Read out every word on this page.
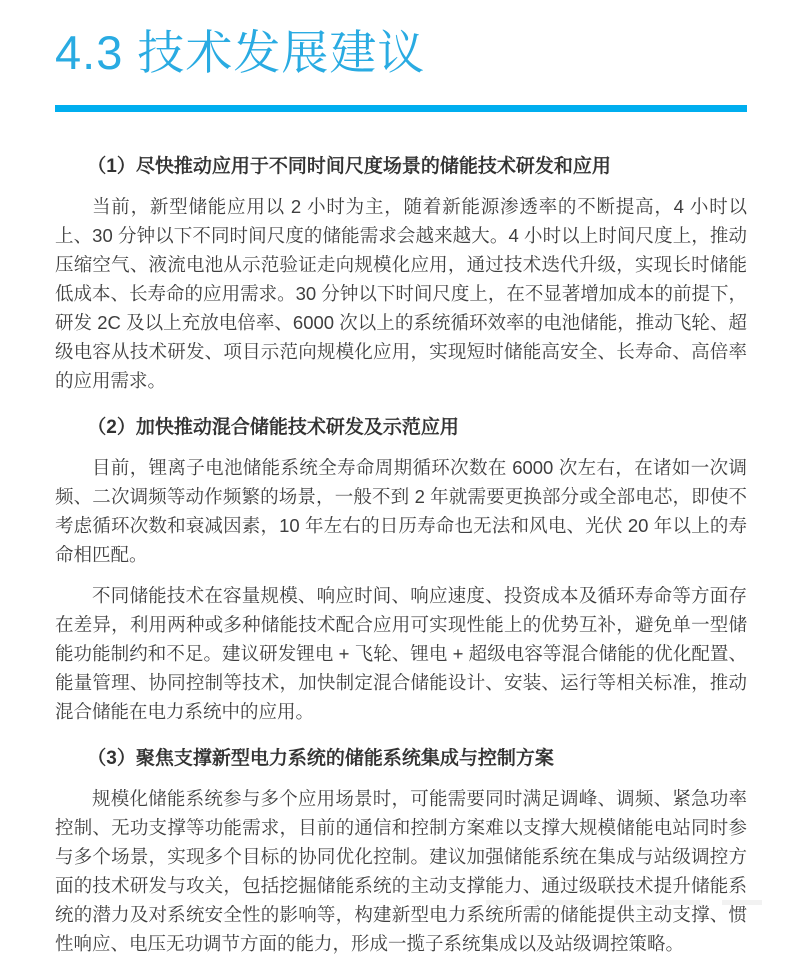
4.3 技术发展建议
（1）尽快推动应用于不同时间尺度场景的储能技术研发和应用

当前，新型储能应用以 2 小时为主，随着新能源渗透率的不断提高，4 小时以上、30 分钟以下不同时间尺度的储能需求会越来越大。4 小时以上时间尺度上，推动压缩空气、液流电池从示范验证走向规模化应用，通过技术迭代升级，实现长时储能低成本、长寿命的应用需求。30 分钟以下时间尺度上，在不显著增加成本的前提下，研发 2C 及以上充放电倍率、6000 次以上的系统循环效率的电池储能，推动飞轮、超级电容从技术研发、项目示范向规模化应用，实现短时储能高安全、长寿命、高倍率的应用需求。

（2）加快推动混合储能技术研发及示范应用

目前，锂离子电池储能系统全寿命周期循环次数在 6000 次左右，在诸如一次调频、二次调频等动作频繁的场景，一般不到 2 年就需要更换部分或全部电芯，即使不考虑循环次数和衰减因素，10 年左右的日历寿命也无法和风电、光伏 20 年以上的寿命相匹配。

不同储能技术在容量规模、响应时间、响应速度、投资成本及循环寿命等方面存在差异，利用两种或多种储能技术配合应用可实现性能上的优势互补，避免单一型储能功能制约和不足。建议研发锂电 + 飞轮、锂电 + 超级电容等混合储能的优化配置、能量管理、协同控制等技术，加快制定混合储能设计、安装、运行等相关标准，推动混合储能在电力系统中的应用。

（3）聚焦支撑新型电力系统的储能系统集成与控制方案

规模化储能系统参与多个应用场景时，可能需要同时满足调峰、调频、紧急功率控制、无功支撑等功能需求，目前的通信和控制方案难以支撑大规模储能电站同时参与多个场景，实现多个目标的协同优化控制。建议加强储能系统在集成与站级调控方面的技术研发与攻关，包括挖掘储能系统的主动支撑能力、通过级联技术提升储能系统的潜力及对系统安全性的影响等，构建新型电力系统所需的储能提供主动支撑、惯性响应、电压无功调节方面的能力，形成一揽子系统集成以及站级调控策略。
